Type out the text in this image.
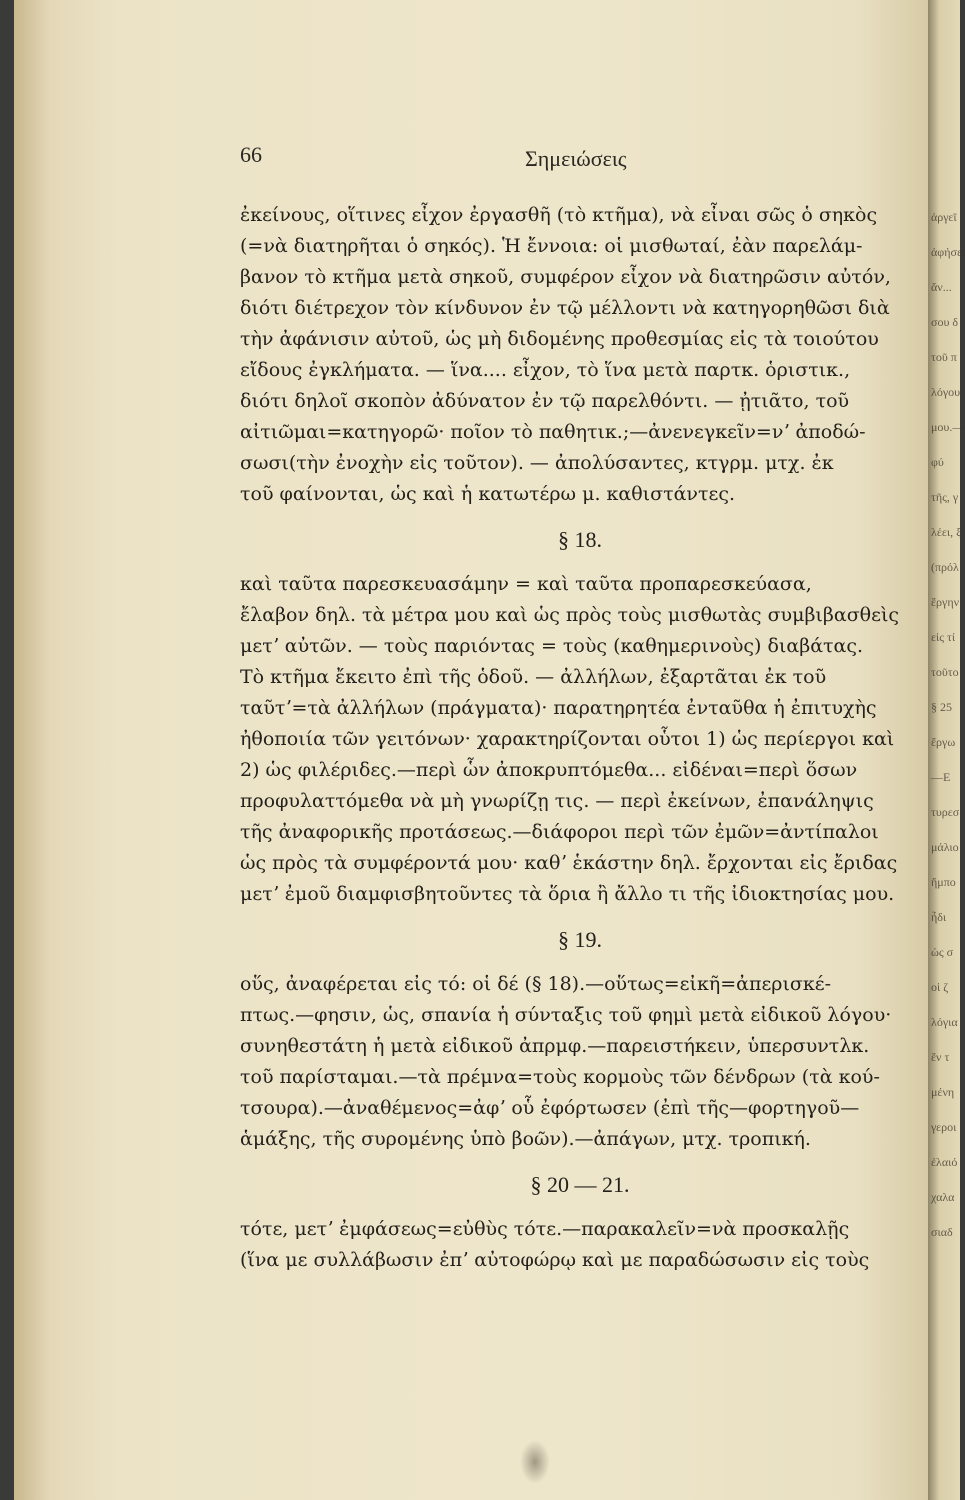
66	Σημειώσεις
ἐκείνους, οἵτινες εἶχον ἐργασθῆ (τὸ κτῆμα), νὰ εἶναι σῶς ὁ σηκὸς
(=νὰ διατηρῆται ὁ σηκός). Ἡ ἔννοια: οἱ μισθωταί, ἐὰν παρελάμ-
βανον τὸ κτῆμα μετὰ σηκοῦ, συμφέρον εἶχον νὰ διατηρῶσιν αὐτόν,
διότι διέτρεχον τὸν κίνδυνον ἐν τῷ μέλλοντι νὰ κατηγορηθῶσι διὰ
τὴν ἀφάνισιν αὐτοῦ, ὡς μὴ διδομένης προθεσμίας εἰς τὰ τοιούτου
εἴδους ἐγκλήματα. — ἵνα.... εἶχον, τὸ ἵνα μετὰ παρτκ. ὁριστικ.,
διότι δηλοῖ σκοπὸν ἀδύνατον ἐν τῷ παρελθόντι. — ᾐτιᾶτο, τοῦ
αἰτιῶμαι=κατηγορῶ· ποῖον τὸ παθητικ.;—ἀνενεγκεῖν=νʼ ἀποδώ-
σωσι(τὴν ἐνοχὴν εἰς τοῦτον). — ἀπολύσαντες, κτγρμ. μτχ. ἐκ
τοῦ φαίνονται, ὡς καὶ ἡ κατωτέρω μ. καθιστάντες.
§ 18.
καὶ ταῦτα παρεσκευασάμην = καὶ ταῦτα προπαρεσκεύασα,
ἔλαβον δηλ. τὰ μέτρα μου καὶ ὡς πρὸς τοὺς μισθωτὰς συμβιβασθεὶς
μετʼ αὐτῶν. — τοὺς παριόντας = τοὺς (καθημερινοὺς) διαβάτας.
Τὸ κτῆμα ἔκειτο ἐπὶ τῆς ὁδοῦ. — ἀλλήλων, ἐξαρτᾶται ἐκ τοῦ
ταῦτʼ=τὰ ἀλλήλων (πράγματα)· παρατηρητέα ἐνταῦθα ἡ ἐπιτυχὴς
ἠθοποιία τῶν γειτόνων· χαρακτηρίζονται οὗτοι 1) ὡς περίεργοι καὶ
2) ὡς φιλέριδες.—περὶ ὧν ἀποκρυπτόμεθα... εἰδέναι=περὶ ὅσων
προφυλαττόμεθα νὰ μὴ γνωρίζῃ τις. — περὶ ἐκείνων, ἐπανάληψις
τῆς ἀναφορικῆς προτάσεως.—διάφοροι περὶ τῶν ἐμῶν=ἀντίπαλοι
ὡς πρὸς τὰ συμφέροντά μου· καθʼ ἑκάστην δηλ. ἔρχονται εἰς ἔριδας
μετʼ ἐμοῦ διαμφισβητοῦντες τὰ ὅρια ἢ ἄλλο τι τῆς ἰδιοκτησίας μου.
§ 19.
οὕς, ἀναφέρεται εἰς τό: οἱ δέ (§ 18).—οὕτως=εἰκῆ=ἀπερισκέ-
πτως.—φησιν, ὡς, σπανία ἡ σύνταξις τοῦ φημὶ μετὰ εἰδικοῦ λόγου·
συνηθεστάτη ἡ μετὰ εἰδικοῦ ἀπρμφ.—παρειστήκειν, ὑπερσυντλκ.
τοῦ παρίσταμαι.—τὰ πρέμνα=τοὺς κορμοὺς τῶν δένδρων (τὰ κού-
τσουρα).—ἀναθέμενος=ἀφʼ οὗ ἐφόρτωσεν (ἐπὶ τῆς—φορτηγοῦ—
ἁμάξης, τῆς συρομένης ὑπὸ βοῶν).—ἀπάγων, μτχ. τροπική.
§ 20 — 21.
τότε, μετʼ ἐμφάσεως=εὐθὺς τότε.—παρακαλεῖν=νὰ προσκαλῇς
(ἵνα με συλλάβωσιν ἐπʼ αὐτοφώρῳ καὶ με παραδώσωσιν εἰς τοὺς
ἀργεῖ
ἀφήσει
ἄν...
σου δ
τοῦ π
λόγου
μου.—
φύ
τῆς, γ
λέει, ξ
(πρόλ
ἔργην
εἰς τί
τοῦτο
§ 25
ἔργω
—Ε
τυρεσ
μάλιο
ἤμπο
ἦδι
ὡς σ
οἱ ζ
λόγια
ἔν τ
μένη
γεροι
ἐλαιό
χαλα
σιαδ
